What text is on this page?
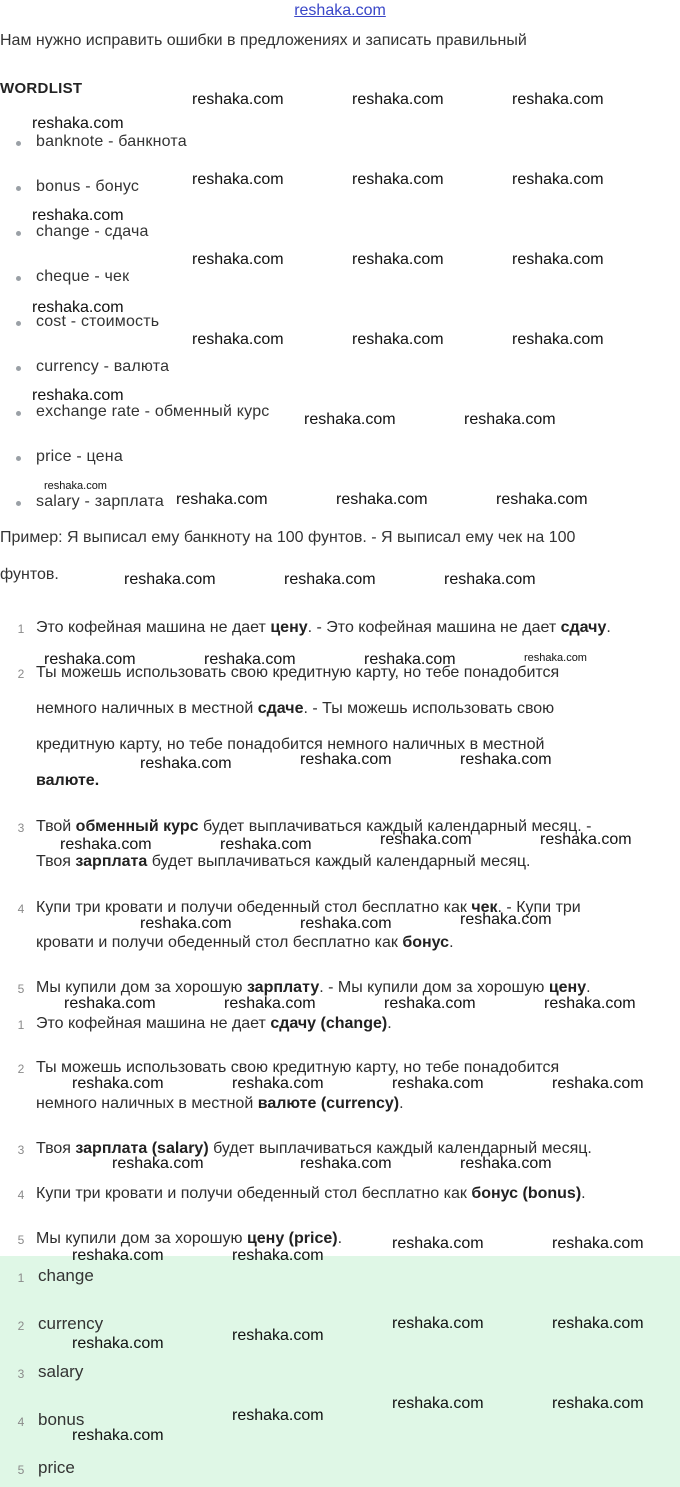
reshaka.com
Нам нужно исправить ошибки в предложениях и записать правильный
WORDLIST
banknote - банкнота
bonus - бонус
change - сдача
cheque - чек
cost - стоимость
currency - валюта
exchange rate - обменный курс
price - цена
salary - зарплата
Пример: Я выписал ему банкноту на 100 фунтов. - Я выписал ему чек на 100
фунтов.
1 Это кофейная машина не дает цену. - Это кофейная машина не дает сдачу.
2 Ты можешь использовать свою кредитную карту, но тебе понадобится
немного наличных в местной сдаче. - Ты можешь использовать свою
кредитную карту, но тебе понадобится немного наличных в местной
валюте.
3 Твой обменный курс будет выплачиваться каждый календарный месяц. -
Твоя зарплата будет выплачиваться каждый календарный месяц.
4 Купи три кровати и получи обеденный стол бесплатно как чек. - Купи три
кровати и получи обеденный стол бесплатно как бонус.
5 Мы купили дом за хорошую зарплату. - Мы купили дом за хорошую цену.
1 Это кофейная машина не дает сдачу (change).
2 Ты можешь использовать свою кредитную карту, но тебе понадобится
немного наличных в местной валюте (currency).
3 Твоя зарплата (salary) будет выплачиваться каждый календарный месяц.
4 Купи три кровати и получи обеденный стол бесплатно как бонус (bonus).
5 Мы купили дом за хорошую цену (price).
1 change
2 currency
3 salary
4 bonus
5 price
reshaka.com	reshaka.com	reshaka.com
reshaka.com
reshaka.com	reshaka.com	reshaka.com
reshaka.com
reshaka.com	reshaka.com	reshaka.com
reshaka.com
reshaka.com	reshaka.com	reshaka.com
reshaka.com
reshaka.com	reshaka.com
reshaka.com	reshaka.com	reshaka.com
reshaka.com	reshaka.com	reshaka.com
reshaka.com	reshaka.com	reshaka.com
reshaka.com	reshaka.com	reshaka.com
reshaka.com	reshaka.com
reshaka.com	reshaka.com
reshaka.com	reshaka.com	reshaka.com
reshaka.com	reshaka.com	reshaka.com	reshaka.com
reshaka.com	reshaka.com	reshaka.com	reshaka.com
reshaka.com	reshaka.com	reshaka.com
reshaka.com	reshaka.com
reshaka.com	reshaka.com
reshaka.com	reshaka.com
reshaka.com	reshaka.com
reshaka.com
reshaka.com	reshaka.com
reshaka.com
reshaka.com
reshaka.com
